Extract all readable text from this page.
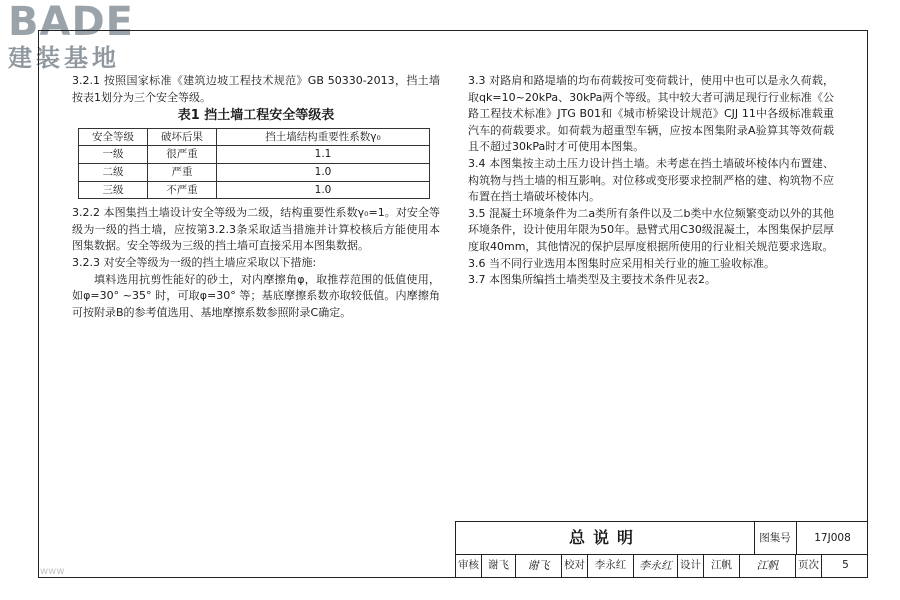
BADE
建装基地

3.2.1 按照国家标准《建筑边坡工程技术规范》GB 50330-2013，挡土墙按表1划分为三个安全等级。

表1 挡土墙工程安全等级表
安全等级	破坏后果	挡土墙结构重要性系数γ₀
一级	很严重	1.1
二级	严重	1.0
三级	不严重	1.0

3.2.2 本图集挡土墙设计安全等级为二级，结构重要性系数γ₀=1。对安全等级为一级的挡土墙，应按第3.2.3条采取适当措施并计算校核后方能使用本图集数据。安全等级为三级的挡土墙可直接采用本图集数据。

3.2.3 对安全等级为一级的挡土墙应采取以下措施:

填料选用抗剪性能好的砂土，对内摩擦角φ，取推荐范围的低值使用，如φ=30° ~35° 时，可取φ=30° 等；基底摩擦系数亦取较低值。内摩擦角可按附录B的参考值选用、基地摩擦系数参照附录C确定。

3.3 对路肩和路堤墙的均布荷载按可变荷载计，使用中也可以是永久荷载，取qk=10~20kPa、30kPa两个等级。其中较大者可满足现行行业标准《公路工程技术标准》JTG B01和《城市桥梁设计规范》CJJ 11中各级标准载重汽车的荷载要求。如荷载为超重型车辆，应按本图集附录A验算其等效荷载且不超过30kPa时才可使用本图集。

3.4 本图集按主动土压力设计挡土墙。未考虑在挡土墙破坏棱体内布置建、构筑物与挡土墙的相互影响。对位移或变形要求控制严格的建、构筑物不应布置在挡土墙破坏棱体内。

3.5 混凝土环境条件为二a类所有条件以及二b类中水位频繁变动以外的其他环境条件，设计使用年限为50年。悬臂式用C30级混凝土，本图集保护层厚度取40mm，其他情况的保护层厚度根据所使用的行业相关规范要求选取。

3.6 当不同行业选用本图集时应采用相关行业的施工验收标准。

3.7 本图集所编挡土墙类型及主要技术条件见表2。

总说明	图集号	17J008
审核 谢飞	谢飞	校对 李永红	李永红 设计 江帆	江帆	页次	5
www
